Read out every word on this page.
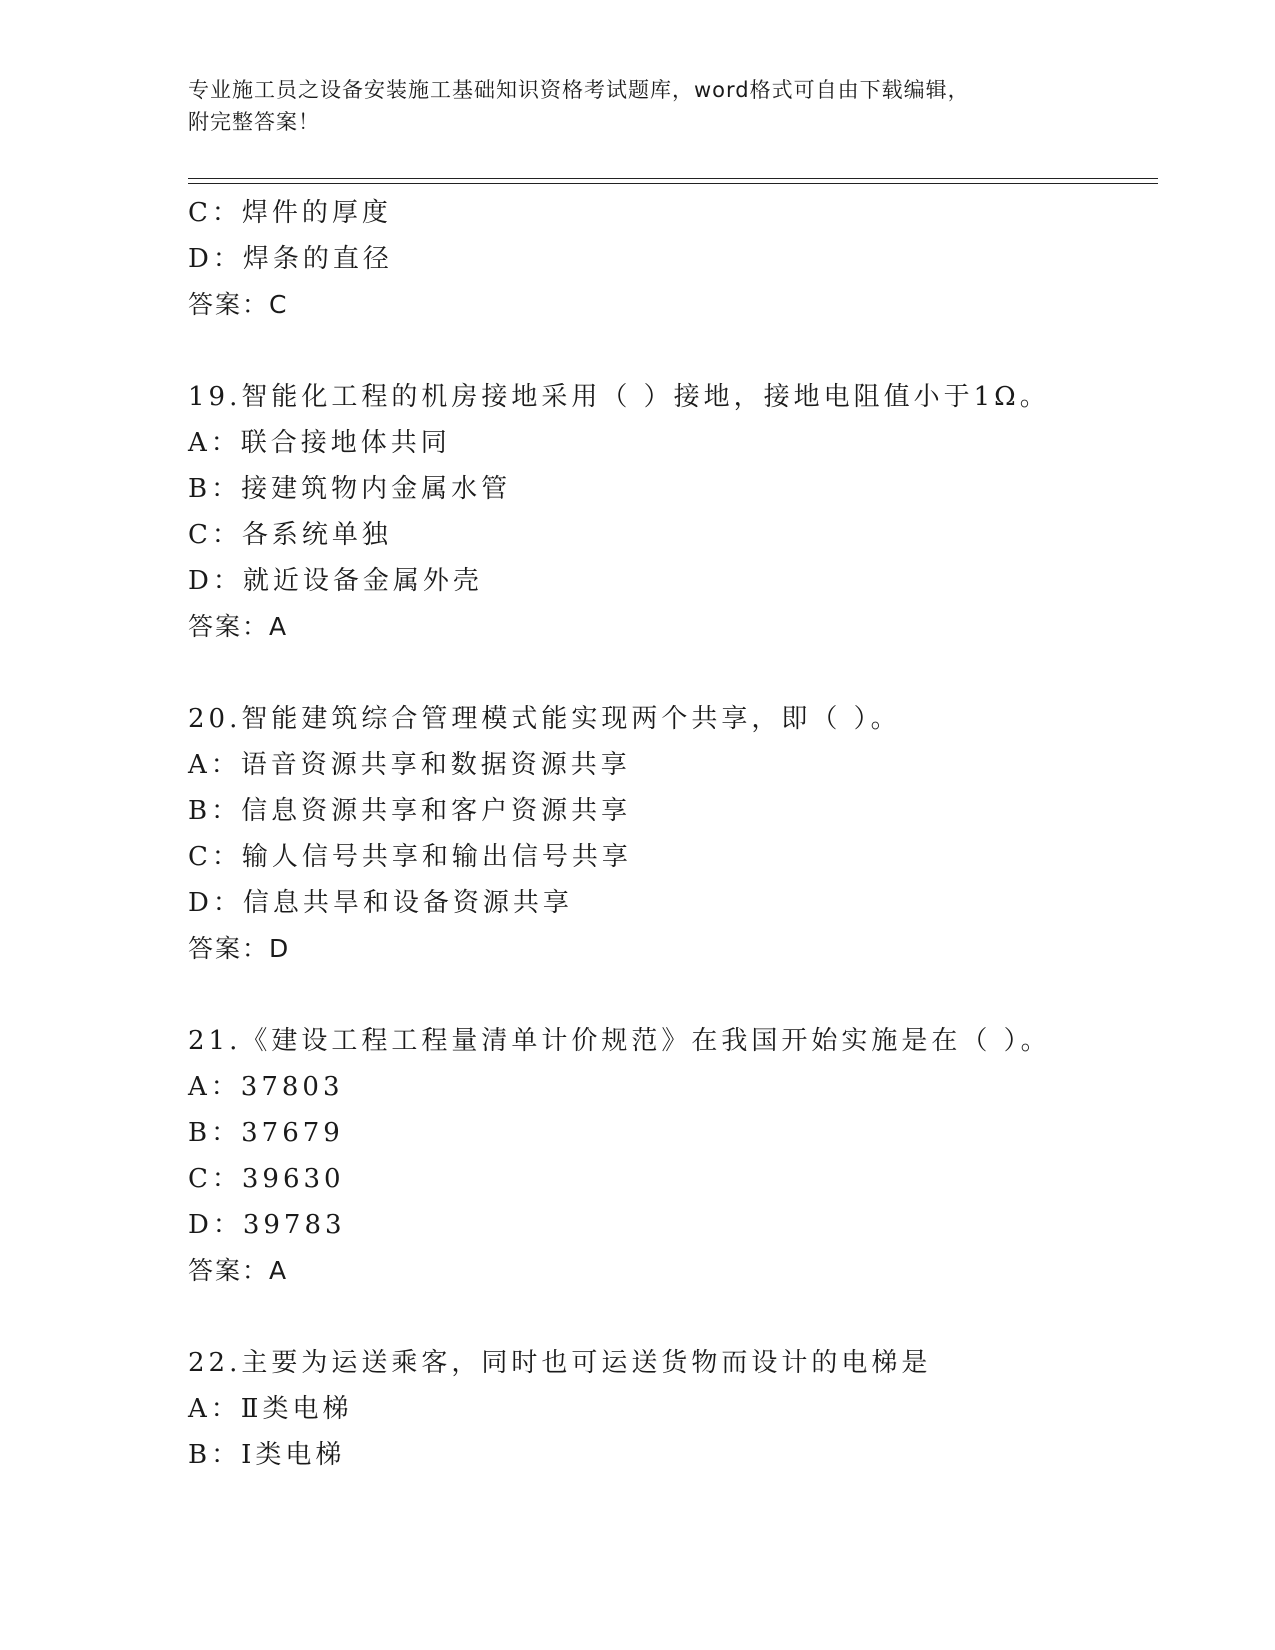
专业施工员之设备安装施工基础知识资格考试题库，word格式可自由下载编辑，
附完整答案！
C：焊件的厚度
D：焊条的直径
答案：C
19.智能化工程的机房接地采用（ ）接地，接地电阻值小于1Ω。
A：联合接地体共同
B：接建筑物内金属水管
C：各系统单独
D：就近设备金属外壳
答案：A
20.智能建筑综合管理模式能实现两个共享，即（ ）。
A：语音资源共享和数据资源共享
B：信息资源共享和客户资源共享
C：输人信号共享和输出信号共享
D：信息共旱和设备资源共享
答案：D
21.《建设工程工程量清单计价规范》在我国开始实施是在（ ）。
A：37803
B：37679
C：39630
D：39783
答案：A
22.主要为运送乘客，同时也可运送货物而设计的电梯是
A：Ⅱ类电梯
B：Ⅰ类电梯
